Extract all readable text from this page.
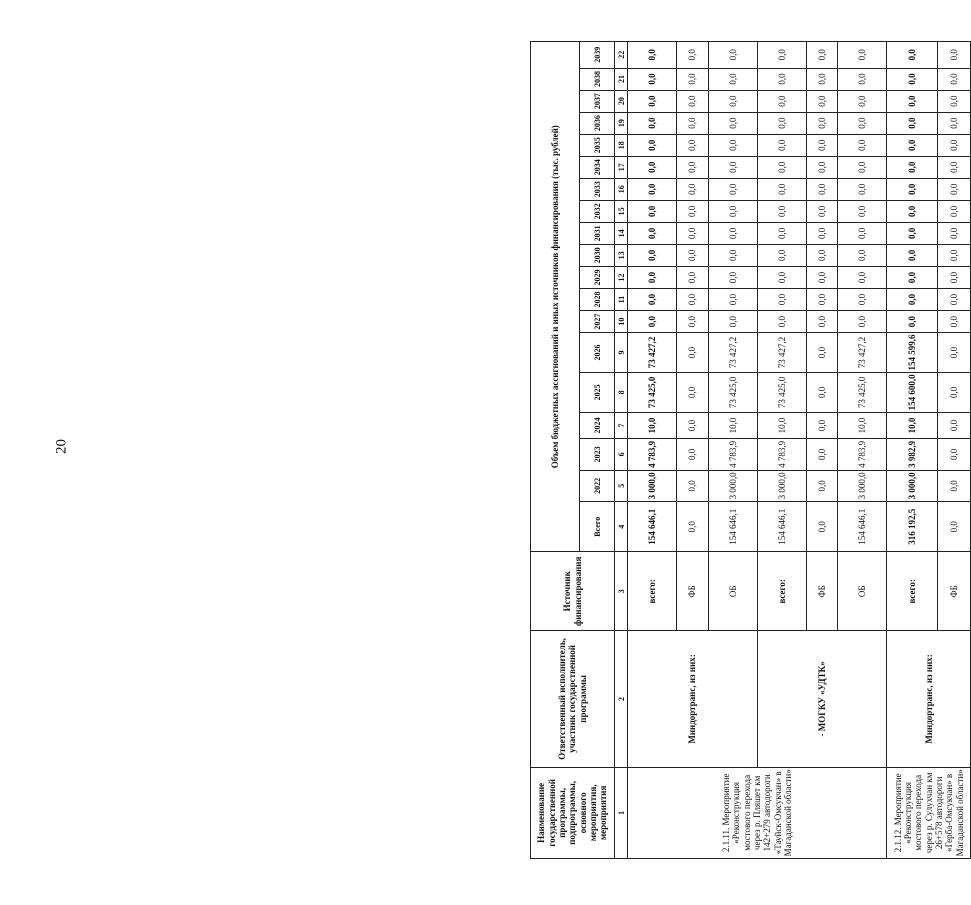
20
Наименование государственной программы, подпрограммы, основного мероприятия, мероприятия	Ответственный исполнитель, участник государственной программы	Источник финансирования	Объем бюджетных ассигнований и иных источников финансирования (тыс. рублей)																		
			Всего	2022	2023	2024	2025	2026	2027	2028	2029	2030	2031	2032	2033	2034	2035	2036	2037	2038	2039
1	2	3	4	5	6	7	8	9	10	11	12	13	14	15	16	17	18	19	20	21	22
2.1.11. Мероприятие «Реконструкция мостового перехода через р. Пляшет км 142+279 автодороги «Тауйск-Омсукчан» в Магаданской области»	Миндортранс, из них:	всего:	154 646,1	3 000,0	4 783,9	10,0	73 425,0	73 427,2	0,0	0,0	0,0	0,0	0,0	0,0	0,0	0,0	0,0	0,0	0,0	0,0	0,0
		ФБ	0,0	0,0	0,0	0,0	0,0	0,0	0,0	0,0	0,0	0,0	0,0	0,0	0,0	0,0	0,0	0,0	0,0	0,0	0,0
		ОБ	154 646,1	3 000,0	4 783,9	10,0	73 425,0	73 427,2	0,0	0,0	0,0	0,0	0,0	0,0	0,0	0,0	0,0	0,0	0,0	0,0	0,0
	- МОГКУ «УДТК»	всего:	154 646,1	3 000,0	4 783,9	10,0	73 425,0	73 427,2	0,0	0,0	0,0	0,0	0,0	0,0	0,0	0,0	0,0	0,0	0,0	0,0	0,0
		ФБ	0,0	0,0	0,0	0,0	0,0	0,0	0,0	0,0	0,0	0,0	0,0	0,0	0,0	0,0	0,0	0,0	0,0	0,0	0,0
		ОБ	154 646,1	3 000,0	4 783,9	10,0	73 425,0	73 427,2	0,0	0,0	0,0	0,0	0,0	0,0	0,0	0,0	0,0	0,0	0,0	0,0	0,0
2.1.12. Мероприятие «Реконструкция мостового перехода через р. Сулухчан км 26+578 автодороги «Герба-Омсукчан» в Магаданской области»	Миндортранс, из них:	всего:	316 192,5	3 000,0	3 982,9	10,0	154 600,0	154 599,6	0,0	0,0	0,0	0,0	0,0	0,0	0,0	0,0	0,0	0,0	0,0	0,0	0,0
		ФБ	0,0	0,0	0,0	0,0	0,0	0,0	0,0	0,0	0,0	0,0	0,0	0,0	0,0	0,0	0,0	0,0	0,0	0,0	0,0
